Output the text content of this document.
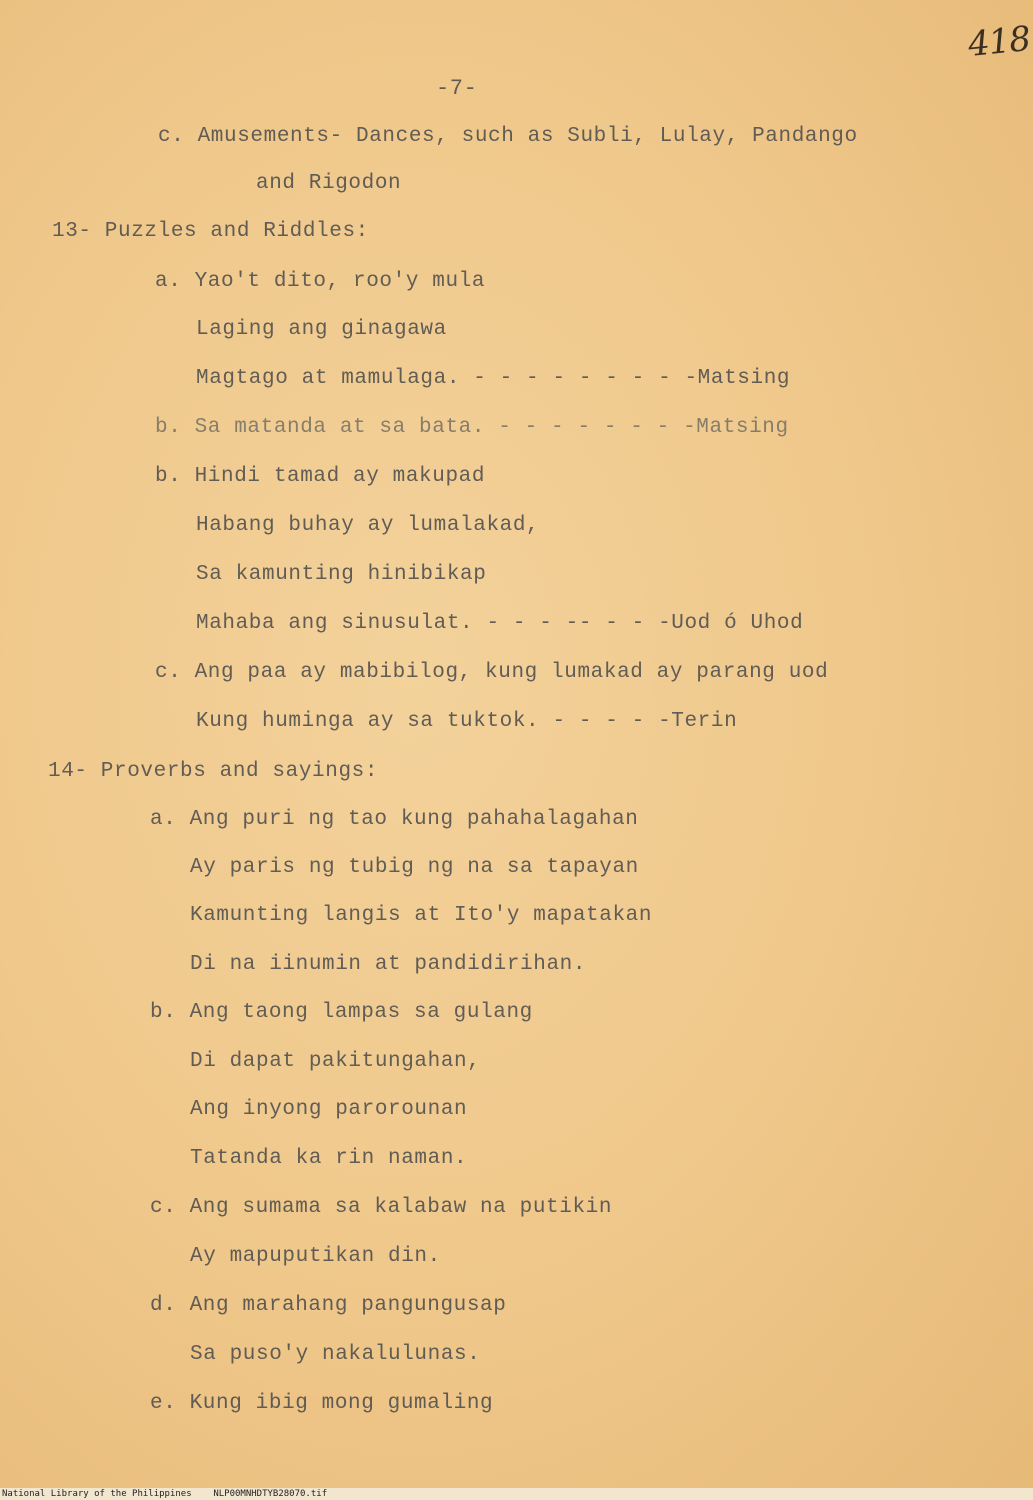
418
-7-
c. Amusements- Dances, such as Subli, Lulay, Pandango
and Rigodon
13- Puzzles and Riddles:
a. Yao't dito, roo'y mula
Laging ang ginagawa
Magtago at mamulaga. - - - - - - - - -Matsing
b. Sa matanda at sa bata. - - - - - - - -Matsing
b. Hindi tamad ay makupad
Habang buhay ay lumalakad,
Sa kamunting hinibikap
Mahaba ang sinusulat. - - - -- - - -Uod ó Uhod
c. Ang paa ay mabibilog, kung lumakad ay parang uod
Kung huminga ay sa tuktok. - - - - -Terin
14- Proverbs and sayings:
a. Ang puri ng tao kung pahahalagahan
Ay paris ng tubig ng na sa tapayan
Kamunting langis at Ito'y mapatakan
Di na iinumin at pandidirihan.
b. Ang taong lampas sa gulang
Di dapat pakitungahan,
Ang inyong parorounan
Tatanda ka rin naman.
c. Ang sumama sa kalabaw na putikin
Ay mapuputikan din.
d. Ang marahang pangungusap
Sa puso'y nakalulunas.
e. Kung ibig mong gumaling
National Library of the Philippines    NLP00MNHDTYB28070.tif
